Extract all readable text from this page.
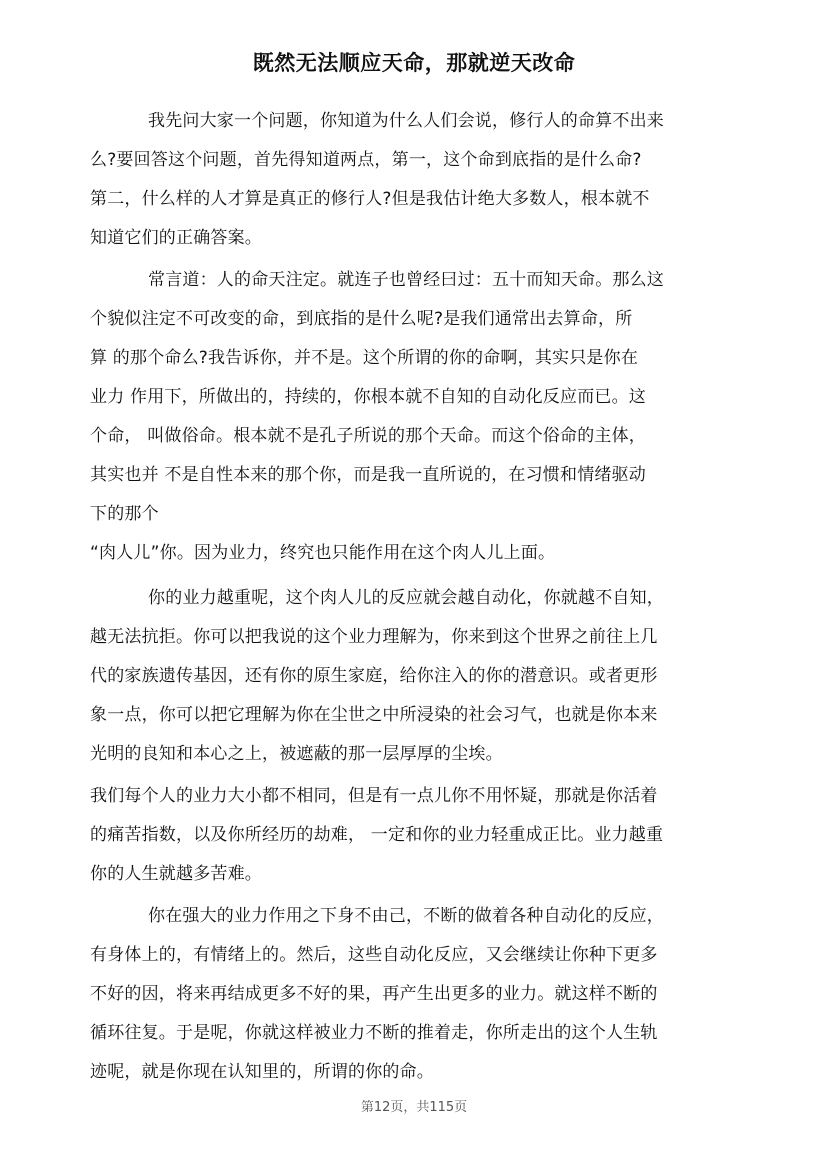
既然无法顺应天命，那就逆天改命
我先问大家一个问题，你知道为什么人们会说，修行人的命算不出来
么?要回答这个问题，首先得知道两点，第一，这个命到底指的是什么命?
第二，什么样的人才算是真正的修行人?但是我估计绝大多数人，根本就不
知道它们的正确答案。
常言道：人的命天注定。就连子也曾经曰过：五十而知天命。那么这
个貌似注定不可改变的命，到底指的是什么呢?是我们通常出去算命，所
算 的那个命么?我告诉你，并不是。这个所谓的你的命啊，其实只是你在
业力 作用下，所做出的，持续的，你根本就不自知的自动化反应而已。这
个命， 叫做俗命。根本就不是孔子所说的那个天命。而这个俗命的主体，
其实也并 不是自性本来的那个你，而是我一直所说的，在习惯和情绪驱动
下的那个
“肉人儿”你。因为业力，终究也只能作用在这个肉人儿上面。
你的业力越重呢，这个肉人儿的反应就会越自动化，你就越不自知，
越无法抗拒。你可以把我说的这个业力理解为，你来到这个世界之前往上几
代的家族遗传基因，还有你的原生家庭，给你注入的你的潜意识。或者更形
象一点，你可以把它理解为你在尘世之中所浸染的社会习气，也就是你本来
光明的良知和本心之上，被遮蔽的那一层厚厚的尘埃。
我们每个人的业力大小都不相同，但是有一点儿你不用怀疑，那就是你活着
的痛苦指数，以及你所经历的劫难， 一定和你的业力轻重成正比。业力越重
你的人生就越多苦难。
你在强大的业力作用之下身不由己，不断的做着各种自动化的反应，
有身体上的，有情绪上的。然后，这些自动化反应，又会继续让你种下更多
不好的因，将来再结成更多不好的果，再产生出更多的业力。就这样不断的
循环往复。于是呢，你就这样被业力不断的推着走，你所走出的这个人生轨
迹呢，就是你现在认知里的，所谓的你的命。
第12页，共115页
